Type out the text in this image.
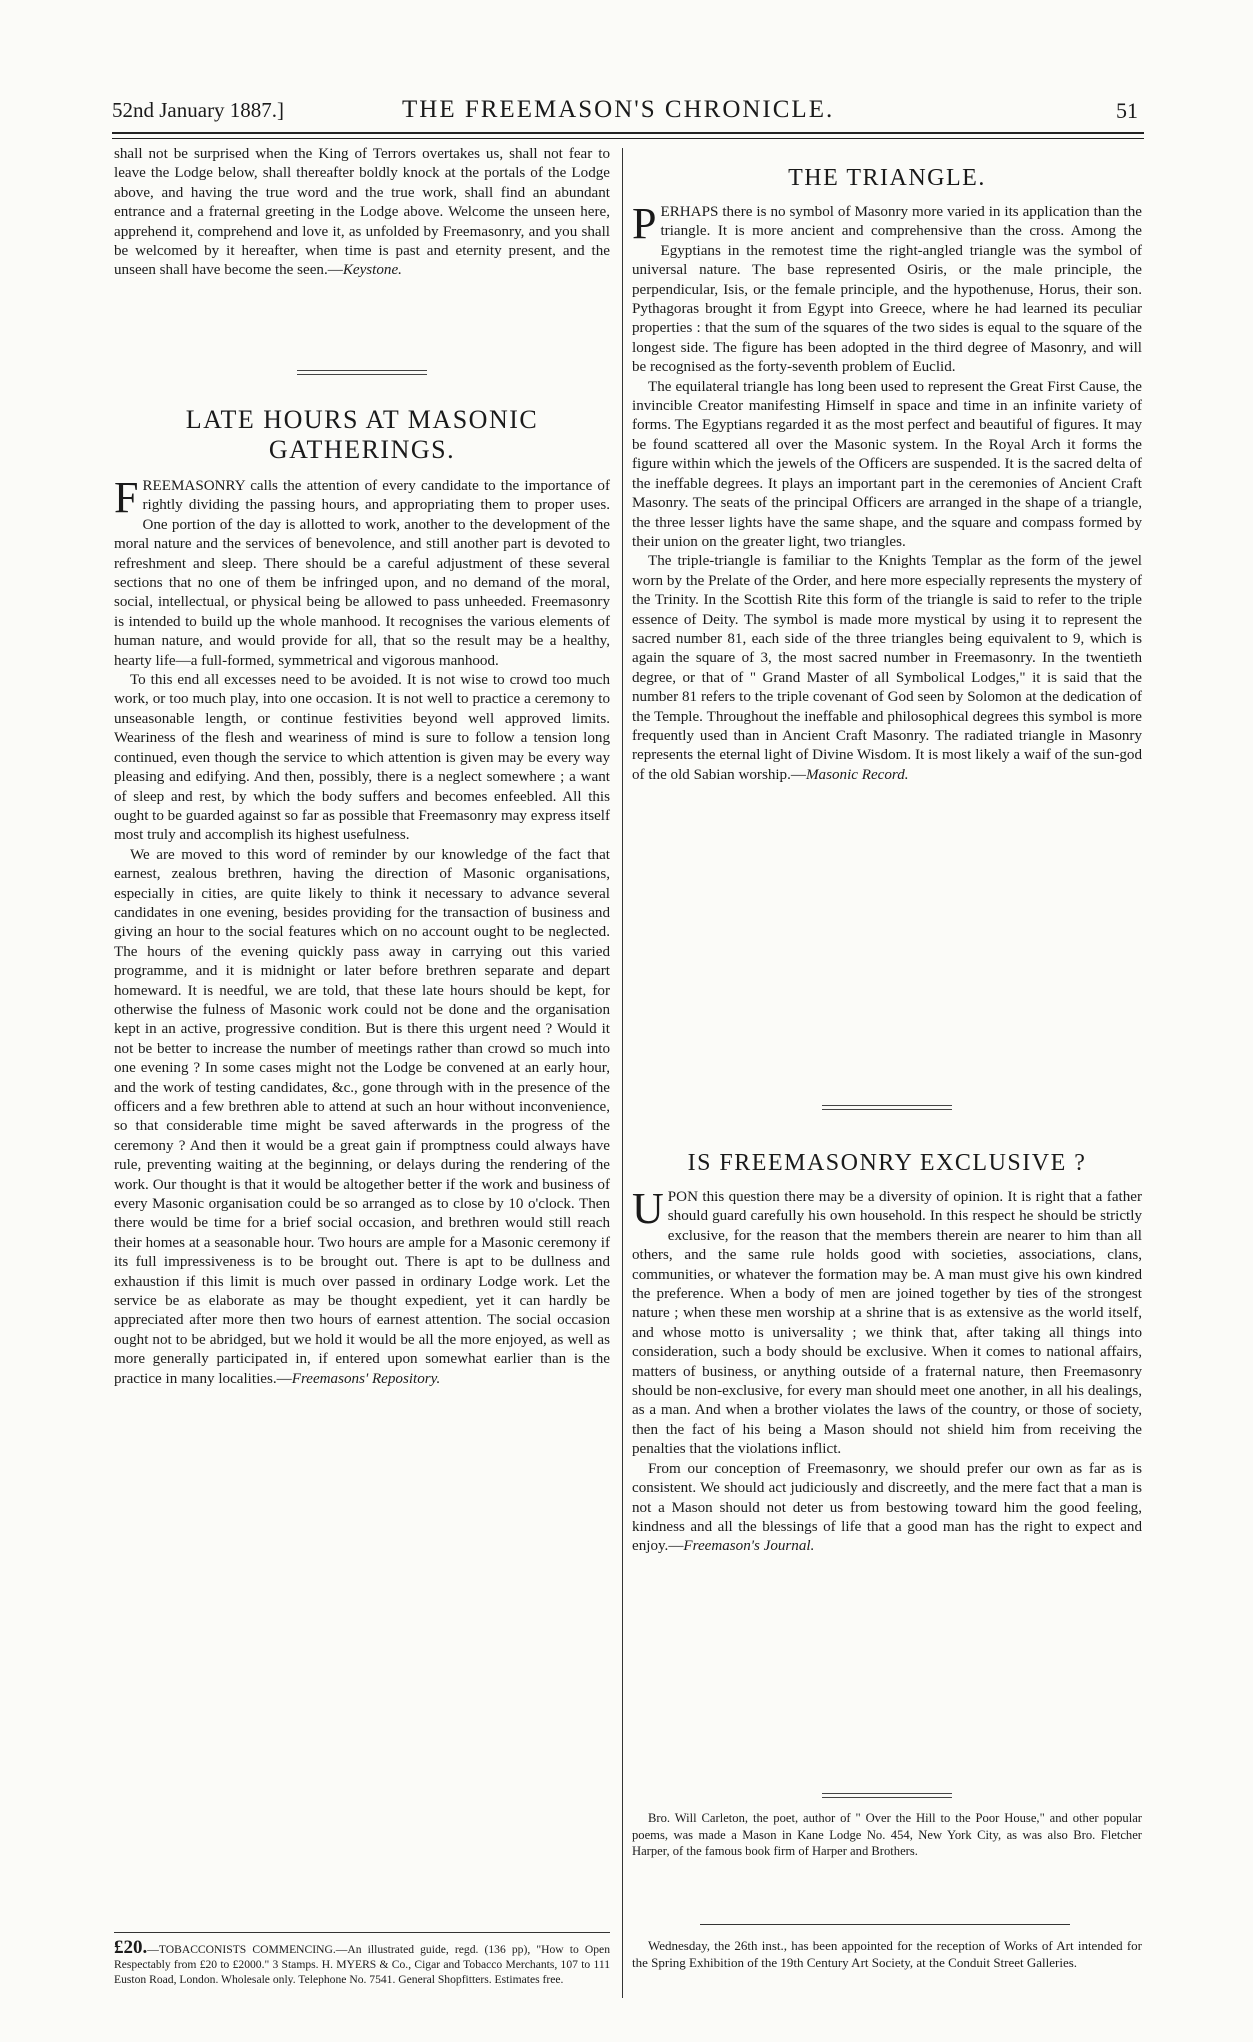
52nd January 1887.]	THE FREEMASON'S CHRONICLE.	51

shall not be surprised when the King of Terrors overtakes us, shall not fear to leave the Lodge below, shall thereafter boldly knock at the portals of the Lodge above, and having the true word and the true work, shall find an abundant entrance and a fraternal greeting in the Lodge above. Welcome the unseen here, apprehend it, comprehend and love it, as unfolded by Freemasonry, and you shall be welcomed by it hereafter, when time is past and eternity present, and the unseen shall have become the seen.—Keystone.

LATE HOURS AT MASONIC

GATHERINGS.

FREEMASONRY calls the attention of every candidate to the importance of rightly dividing the passing hours, and appropriating them to proper uses. One portion of the day is allotted to work, another to the development of the moral nature and the services of benevolence, and still another part is devoted to refreshment and sleep. There should be a careful adjustment of these several sections that no one of them be infringed upon, and no demand of the moral, social, intellectual, or physical being be allowed to pass unheeded. Freemasonry is intended to build up the whole manhood. It recognises the various elements of human nature, and would provide for all, that so the result may be a healthy, hearty life—a full-formed, symmetrical and vigorous manhood.

To this end all excesses need to be avoided. It is not wise to crowd too much work, or too much play, into one occasion. It is not well to practice a ceremony to unseasonable length, or continue festivities beyond well approved limits. Weariness of the flesh and weariness of mind is sure to follow a tension long continued, even though the service to which attention is given may be every way pleasing and edifying. And then, possibly, there is a neglect somewhere ; a want of sleep and rest, by which the body suffers and becomes enfeebled. All this ought to be guarded against so far as possible that Freemasonry may express itself most truly and accomplish its highest usefulness.

We are moved to this word of reminder by our knowledge of the fact that earnest, zealous brethren, having the direction of Masonic organisations, especially in cities, are quite likely to think it necessary to advance several candidates in one evening, besides providing for the transaction of business and giving an hour to the social features which on no account ought to be neglected. The hours of the evening quickly pass away in carrying out this varied programme, and it is midnight or later before brethren separate and depart homeward. It is needful, we are told, that these late hours should be kept, for otherwise the fulness of Masonic work could not be done and the organisation kept in an active, progressive condition. But is there this urgent need ? Would it not be better to increase the number of meetings rather than crowd so much into one evening ? In some cases might not the Lodge be convened at an early hour, and the work of testing candidates, &c., gone through with in the presence of the officers and a few brethren able to attend at such an hour without inconvenience, so that considerable time might be saved afterwards in the progress of the ceremony ? And then it would be a great gain if promptness could always have rule, preventing waiting at the beginning, or delays during the rendering of the work. Our thought is that it would be altogether better if the work and business of every Masonic organisation could be so arranged as to close by 10 o'clock. Then there would be time for a brief social occasion, and brethren would still reach their homes at a seasonable hour. Two hours are ample for a Masonic ceremony if its full impressiveness is to be brought out. There is apt to be dullness and exhaustion if this limit is much over passed in ordinary Lodge work. Let the service be as elaborate as may be thought expedient, yet it can hardly be appreciated after more then two hours of earnest attention. The social occasion ought not to be abridged, but we hold it would be all the more enjoyed, as well as more generally participated in, if entered upon somewhat earlier than is the practice in many localities.—Freemasons' Repository.

£20.—TOBACCONISTS COMMENCING.—An illustrated guide, regd. (136 pp), "How to Open Respectably from £20 to £2000." 3 Stamps. H. MYERS & Co., Cigar and Tobacco Merchants, 107 to 111 Euston Road, London. Wholesale only. Telephone No. 7541. General Shopfitters. Estimates free.

THE TRIANGLE.

PERHAPS there is no symbol of Masonry more varied in its application than the triangle. It is more ancient and comprehensive than the cross. Among the Egyptians in the remotest time the right-angled triangle was the symbol of universal nature. The base represented Osiris, or the male principle, the perpendicular, Isis, or the female principle, and the hypothenuse, Horus, their son. Pythagoras brought it from Egypt into Greece, where he had learned its peculiar properties : that the sum of the squares of the two sides is equal to the square of the longest side. The figure has been adopted in the third degree of Masonry, and will be recognised as the forty-seventh problem of Euclid.

The equilateral triangle has long been used to represent the Great First Cause, the invincible Creator manifesting Himself in space and time in an infinite variety of forms. The Egyptians regarded it as the most perfect and beautiful of figures. It may be found scattered all over the Masonic system. In the Royal Arch it forms the figure within which the jewels of the Officers are suspended. It is the sacred delta of the ineffable degrees. It plays an important part in the ceremonies of Ancient Craft Masonry. The seats of the principal Officers are arranged in the shape of a triangle, the three lesser lights have the same shape, and the square and compass formed by their union on the greater light, two triangles.

The triple-triangle is familiar to the Knights Templar as the form of the jewel worn by the Prelate of the Order, and here more especially represents the mystery of the Trinity. In the Scottish Rite this form of the triangle is said to refer to the triple essence of Deity. The symbol is made more mystical by using it to represent the sacred number 81, each side of the three triangles being equivalent to 9, which is again the square of 3, the most sacred number in Freemasonry. In the twentieth degree, or that of " Grand Master of all Symbolical Lodges," it is said that the number 81 refers to the triple covenant of God seen by Solomon at the dedication of the Temple. Throughout the ineffable and philosophical degrees this symbol is more frequently used than in Ancient Craft Masonry. The radiated triangle in Masonry represents the eternal light of Divine Wisdom. It is most likely a waif of the sun-god of the old Sabian worship.—Masonic Record.

IS FREEMASONRY EXCLUSIVE ?

UPON this question there may be a diversity of opinion. It is right that a father should guard carefully his own household. In this respect he should be strictly exclusive, for the reason that the members therein are nearer to him than all others, and the same rule holds good with societies, associations, clans, communities, or whatever the formation may be. A man must give his own kindred the preference. When a body of men are joined together by ties of the strongest nature ; when these men worship at a shrine that is as extensive as the world itself, and whose motto is universality ; we think that, after taking all things into consideration, such a body should be exclusive. When it comes to national affairs, matters of business, or anything outside of a fraternal nature, then Freemasonry should be non-exclusive, for every man should meet one another, in all his dealings, as a man. And when a brother violates the laws of the country, or those of society, then the fact of his being a Mason should not shield him from receiving the penalties that the violations inflict.

From our conception of Freemasonry, we should prefer our own as far as is consistent. We should act judiciously and discreetly, and the mere fact that a man is not a Mason should not deter us from bestowing toward him the good feeling, kindness and all the blessings of life that a good man has the right to expect and enjoy.—Freemason's Journal.

Bro. Will Carleton, the poet, author of " Over the Hill to the Poor House," and other popular poems, was made a Mason in Kane Lodge No. 454, New York City, as was also Bro. Fletcher Harper, of the famous book firm of Harper and Brothers.

Wednesday, the 26th inst., has been appointed for the reception of Works of Art intended for the Spring Exhibition of the 19th Century Art Society, at the Conduit Street Galleries.
